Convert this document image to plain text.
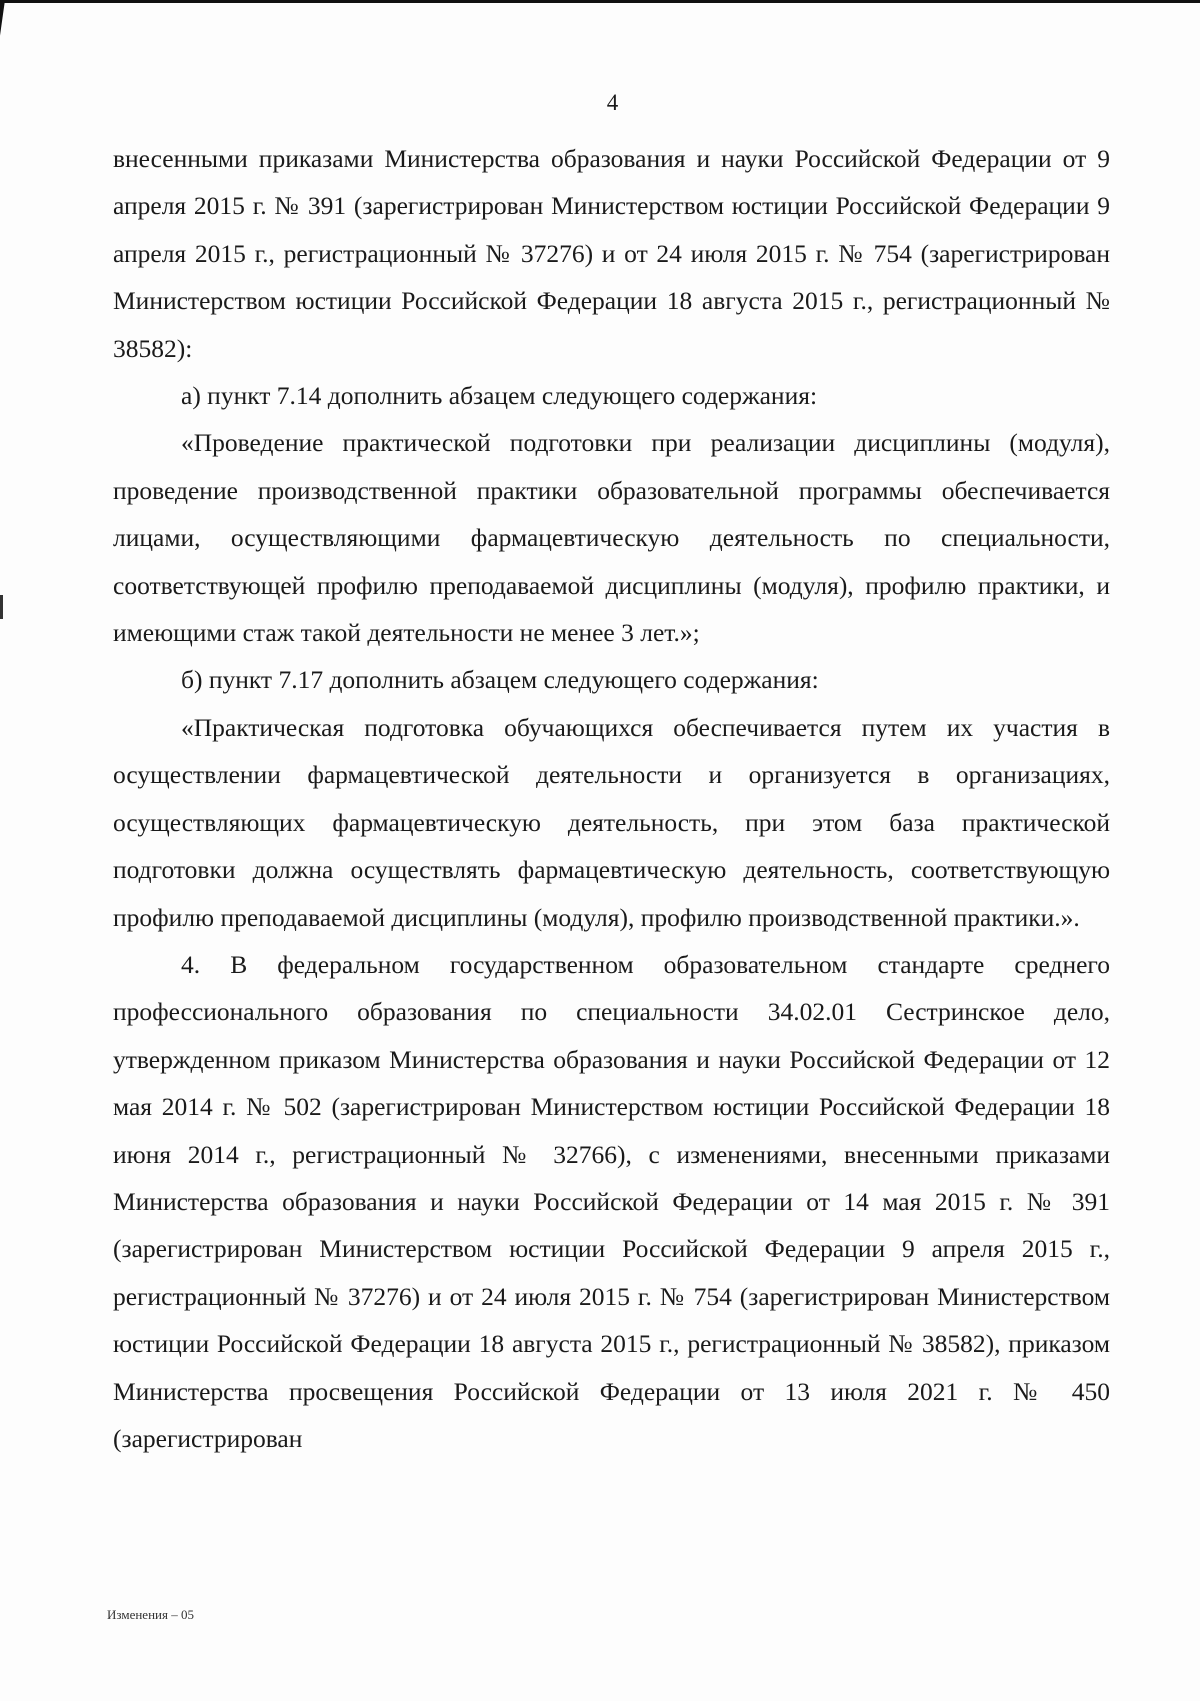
4

внесенными приказами Министерства образования и науки Российской Федерации от 9 апреля 2015 г. № 391 (зарегистрирован Министерством юстиции Российской Федерации 9 апреля 2015 г., регистрационный № 37276) и от 24 июля 2015 г. № 754 (зарегистрирован Министерством юстиции Российской Федерации 18 августа 2015 г., регистрационный № 38582):

а) пункт 7.14 дополнить абзацем следующего содержания:

«Проведение практической подготовки при реализации дисциплины (модуля), проведение производственной практики образовательной программы обеспечивается лицами, осуществляющими фармацевтическую деятельность по специальности, соответствующей профилю преподаваемой дисциплины (модуля), профилю практики, и имеющими стаж такой деятельности не менее 3 лет.»;

б) пункт 7.17 дополнить абзацем следующего содержания:

«Практическая подготовка обучающихся обеспечивается путем их участия в осуществлении фармацевтической деятельности и организуется в организациях, осуществляющих фармацевтическую деятельность, при этом база практической подготовки должна осуществлять фармацевтическую деятельность, соответствующую профилю преподаваемой дисциплины (модуля), профилю производственной практики.».

4. В федеральном государственном образовательном стандарте среднего профессионального образования по специальности 34.02.01 Сестринское дело, утвержденном приказом Министерства образования и науки Российской Федерации от 12 мая 2014 г. № 502 (зарегистрирован Министерством юстиции Российской Федерации 18 июня 2014 г., регистрационный № 32766), с изменениями, внесенными приказами Министерства образования и науки Российской Федерации от 14 мая 2015 г. № 391 (зарегистрирован Министерством юстиции Российской Федерации 9 апреля 2015 г., регистрационный № 37276) и от 24 июля 2015 г. № 754 (зарегистрирован Министерством юстиции Российской Федерации 18 августа 2015 г., регистрационный № 38582), приказом Министерства просвещения Российской Федерации от 13 июля 2021 г. № 450 (зарегистрирован

Изменения – 05
